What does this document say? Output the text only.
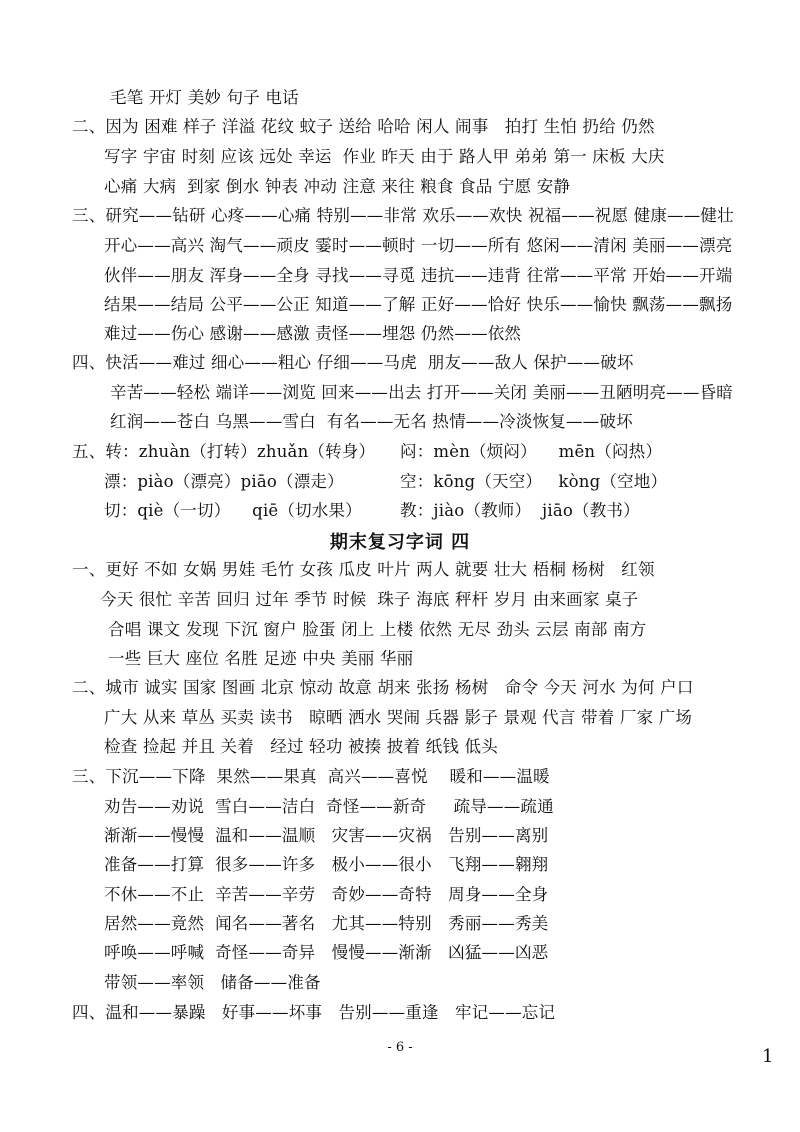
毛笔 开灯 美妙 句子 电话
二、因为 困难 样子 洋溢 花纹 蚊子 送给 哈哈 闲人 闹事   拍打 生怕 扔给 仍然
写字 宇宙 时刻 应该 远处 幸运  作业 昨天 由于 路人甲 弟弟 第一 床板 大庆
心痛 大病  到家 倒水 钟表 冲动 注意 来往 粮食 食品 宁愿 安静
三、研究——钻研 心疼——心痛 特别——非常 欢乐——欢快 祝福——祝愿 健康——健壮
开心——高兴 淘气——顽皮 霎时——顿时 一切——所有 悠闲——清闲 美丽——漂亮
伙伴——朋友 浑身——全身 寻找——寻觅 违抗——违背 往常——平常 开始——开端
结果——结局 公平——公正 知道——了解 正好——恰好 快乐——愉快 飘荡——飘扬
难过——伤心 感谢——感激 责怪——埋怨 仍然——依然
四、快活——难过 细心——粗心 仔细——马虎  朋友——敌人 保护——破坏
辛苦——轻松 端详——浏览 回来——出去 打开——关闭 美丽——丑陋明亮——昏暗
红润——苍白 乌黑——雪白  有名——无名 热情——冷淡恢复——破坏
五、转：zhuàn（打转）zhuǎn（转身） 闷：mèn（烦闷）    mēn（闷热）
漂：piào（漂亮）piāo（漂走）	空：kōng（天空）   kòng（空地）
切：qiè（一切）    qiē（切水果） 教：jiào（教师）  jiāo（教书）
期末复习字词 四
一、更好 不如 女娲 男娃 毛竹 女孩 瓜皮 叶片 两人 就要 壮大 梧桐 杨树   红领
今天 很忙 辛苦 回归 过年 季节 时候  珠子 海底 秤杆 岁月 由来画家 桌子
合唱 课文 发现 下沉 窗户 脸蛋 闭上 上楼 依然 无尽 劲头 云层 南部 南方
一些 巨大 座位 名胜 足迹 中央 美丽 华丽
二、城市 诚实 国家 图画 北京 惊动 故意 胡来 张扬 杨树   命令 今天 河水 为何 户口
广大 从来 草丛 买卖 读书   晾晒 洒水 哭闹 兵器 影子 景观 代言 带着 厂家 广场
检查 捡起 并且 关着   经过 轻功 被揍 披着 纸钱 低头
三、下沉——下降  果然——果真  高兴——喜悦    暖和——温暖
劝告——劝说  雪白——洁白  奇怪——新奇     疏导——疏通
渐渐——慢慢  温和——温顺   灾害——灾祸   告别——离别
准备——打算  很多——许多   极小——很小   飞翔——翱翔
不休——不止  辛苦——辛劳   奇妙——奇特   周身——全身
居然——竟然  闻名——著名   尤其——特别   秀丽——秀美
呼唤——呼喊  奇怪——奇异   慢慢——渐渐   凶猛——凶恶
带领——率领   储备——准备
四、温和——暴躁   好事——坏事   告别——重逢   牢记——忘记
- 6 -	1
